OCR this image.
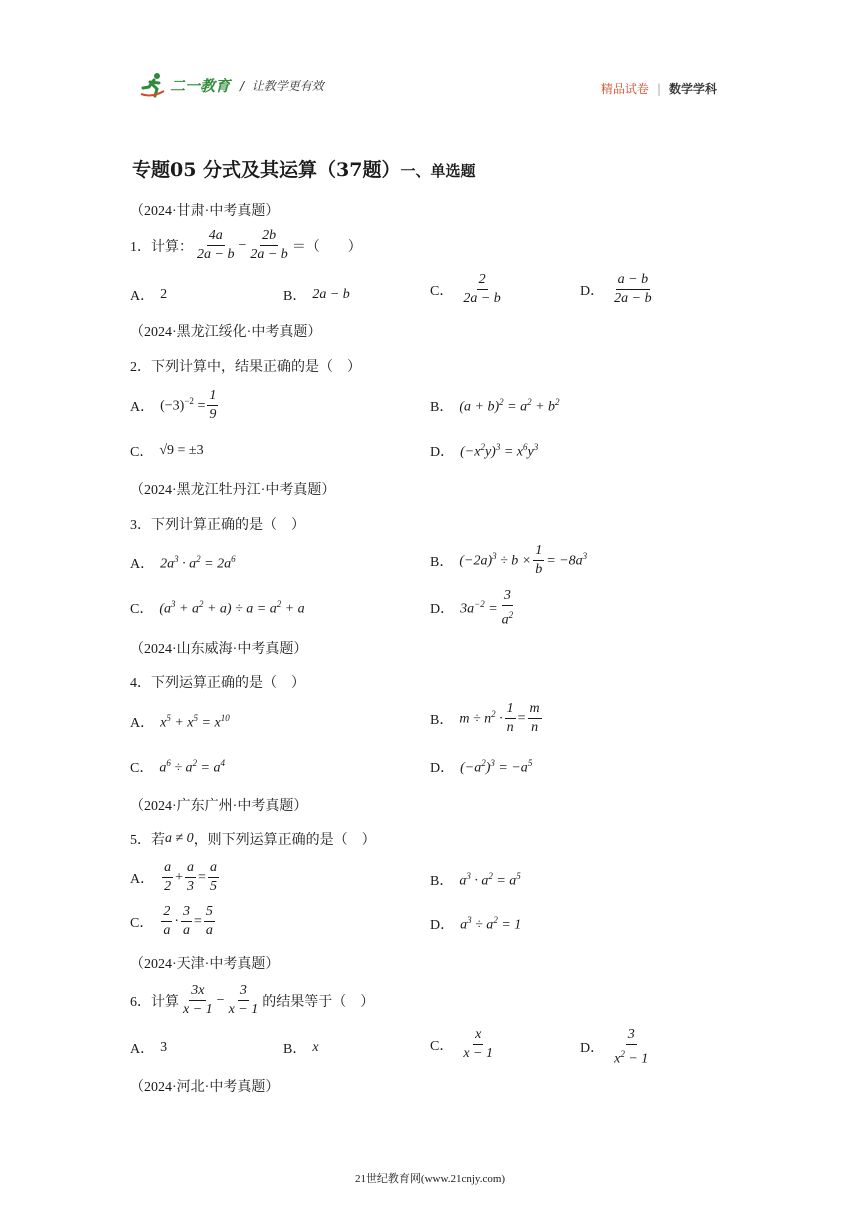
二一教育 /  让教学更有效	精品试卷 | 数学学科
专题05 分式及其运算（37题）一、单选题
（2024·甘肃·中考真题）
1．计算： $\frac{4a}{2a - b} - \frac{2b}{2a - b}$ ＝（　　）
A． 2	B． 2a − b	C． $\frac{2}{2a - b}$	D． $\frac{a - b}{2a - b}$
（2024·黑龙江绥化·中考真题）
2．下列计算中，结果正确的是（　）
A． $(-3)^{-2} = \frac{1}{9}$	B． $(a + b)^2 = a^2 + b^2$
C． √9 = ±3	D． $(-x^2y)^3 = x^6y^3$
（2024·黑龙江牡丹江·中考真题）
3．下列计算正确的是（　）
A． $2a^3 \cdot a^2 = 2a^6$	B． $(-2a)^3 \div b \times \frac{1}{b} = -8a^3$
C． $(a^3 + a^2 + a) \div a = a^2 + a$	D． $3a^{-2} = \frac{3}{a^2}$
（2024·山东威海·中考真题）
4．下列运算正确的是（　）
A． $x^5 + x^5 = x^{10}$	B． $m \div n^2 \cdot \frac{1}{n} = \frac{m}{n}$
C． $a^6 \div a^2 = a^4$	D． $(-a^2)^3 = -a^5$
（2024·广东广州·中考真题）
5．若 a ≠ 0 ，则下列运算正确的是（　）
A． $\frac{a}{2} + \frac{a}{3} = \frac{a}{5}$	B． $a^3 \cdot a^2 = a^5$
C． $\frac{2}{a} \cdot \frac{3}{a} = \frac{5}{a}$	D． $a^3 \div a^2 = 1$
（2024·天津·中考真题）
6．计算 $\frac{3x}{x - 1} - \frac{3}{x - 1}$ 的结果等于（　）
A． 3	B． x	C． $\frac{x}{x - 1}$	D． $\frac{3}{x^2 - 1}$
（2024·河北·中考真题）
21世纪教育网(www.21cnjy.com)
